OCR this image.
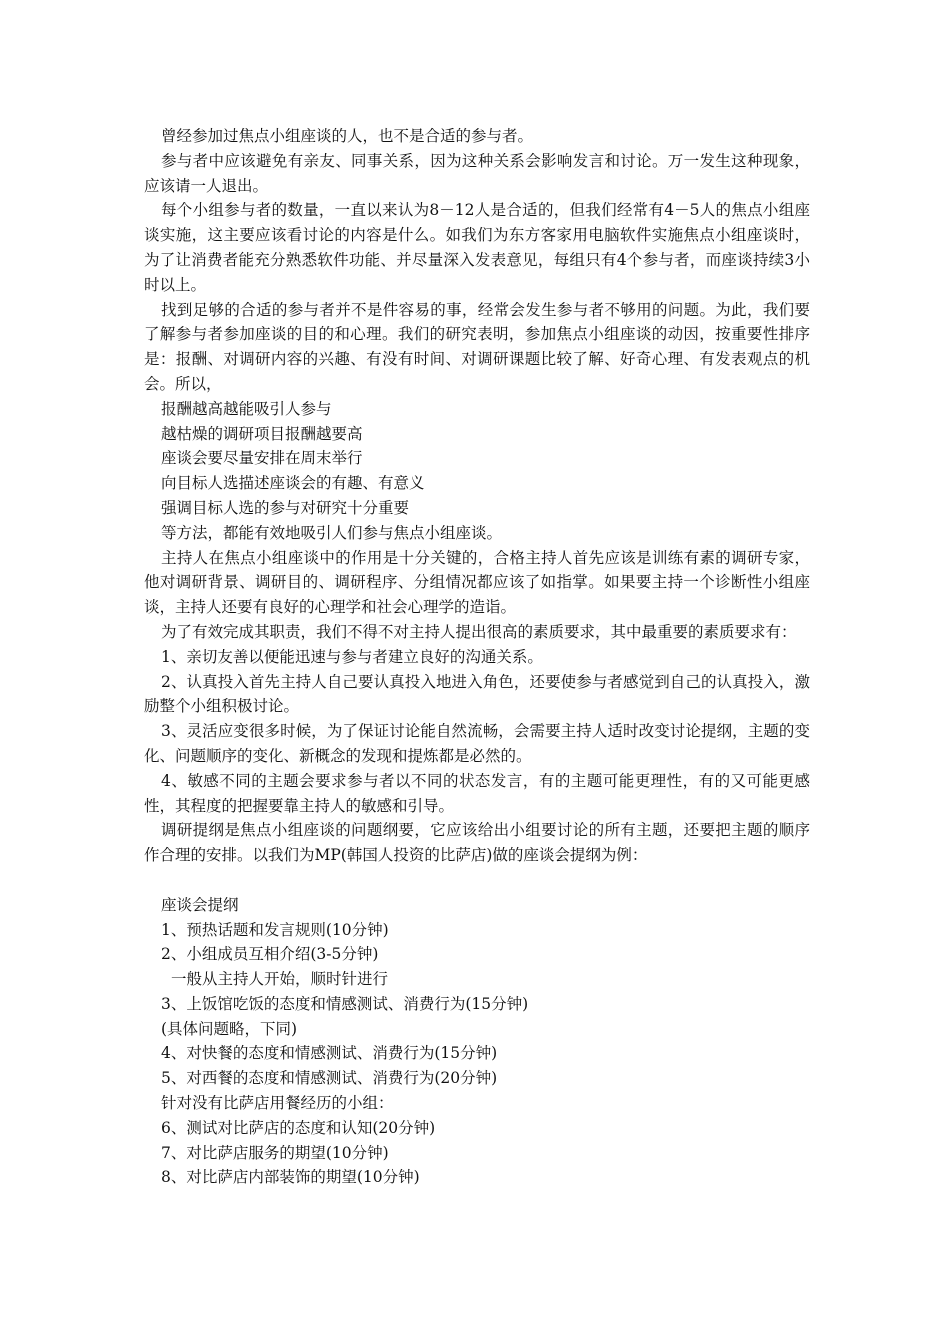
曾经参加过焦点小组座谈的人，也不是合适的参与者。

参与者中应该避免有亲友、同事关系，因为这种关系会影响发言和讨论。万一发生这种现象，应该请一人退出。

每个小组参与者的数量，一直以来认为8－12人是合适的，但我们经常有4－5人的焦点小组座谈实施，这主要应该看讨论的内容是什么。如我们为东方客家用电脑软件实施焦点小组座谈时，为了让消费者能充分熟悉软件功能、并尽量深入发表意见，每组只有4个参与者，而座谈持续3小时以上。

找到足够的合适的参与者并不是件容易的事，经常会发生参与者不够用的问题。为此，我们要了解参与者参加座谈的目的和心理。我们的研究表明，参加焦点小组座谈的动因，按重要性排序是：报酬、对调研内容的兴趣、有没有时间、对调研课题比较了解、好奇心理、有发表观点的机会。所以，

报酬越高越能吸引人参与

越枯燥的调研项目报酬越要高

座谈会要尽量安排在周末举行

向目标人选描述座谈会的有趣、有意义

强调目标人选的参与对研究十分重要

等方法，都能有效地吸引人们参与焦点小组座谈。

主持人在焦点小组座谈中的作用是十分关键的，合格主持人首先应该是训练有素的调研专家，他对调研背景、调研目的、调研程序、分组情况都应该了如指掌。如果要主持一个诊断性小组座谈，主持人还要有良好的心理学和社会心理学的造诣。

为了有效完成其职责，我们不得不对主持人提出很高的素质要求，其中最重要的素质要求有：

1、亲切友善以便能迅速与参与者建立良好的沟通关系。

2、认真投入首先主持人自己要认真投入地进入角色，还要使参与者感觉到自己的认真投入，激励整个小组积极讨论。

3、灵活应变很多时候，为了保证讨论能自然流畅，会需要主持人适时改变讨论提纲，主题的变化、问题顺序的变化、新概念的发现和提炼都是必然的。

4、敏感不同的主题会要求参与者以不同的状态发言，有的主题可能更理性，有的又可能更感性，其程度的把握要靠主持人的敏感和引导。

调研提纲是焦点小组座谈的问题纲要，它应该给出小组要讨论的所有主题，还要把主题的顺序作合理的安排。以我们为MP(韩国人投资的比萨店)做的座谈会提纲为例：

座谈会提纲

1、预热话题和发言规则(10分钟)

2、小组成员互相介绍(3-5分钟)

一般从主持人开始，顺时针进行

3、上饭馆吃饭的态度和情感测试、消费行为(15分钟)

(具体问题略，下同)

4、对快餐的态度和情感测试、消费行为(15分钟)

5、对西餐的态度和情感测试、消费行为(20分钟)

针对没有比萨店用餐经历的小组：

6、测试对比萨店的态度和认知(20分钟)

7、对比萨店服务的期望(10分钟)

8、对比萨店内部装饰的期望(10分钟)
